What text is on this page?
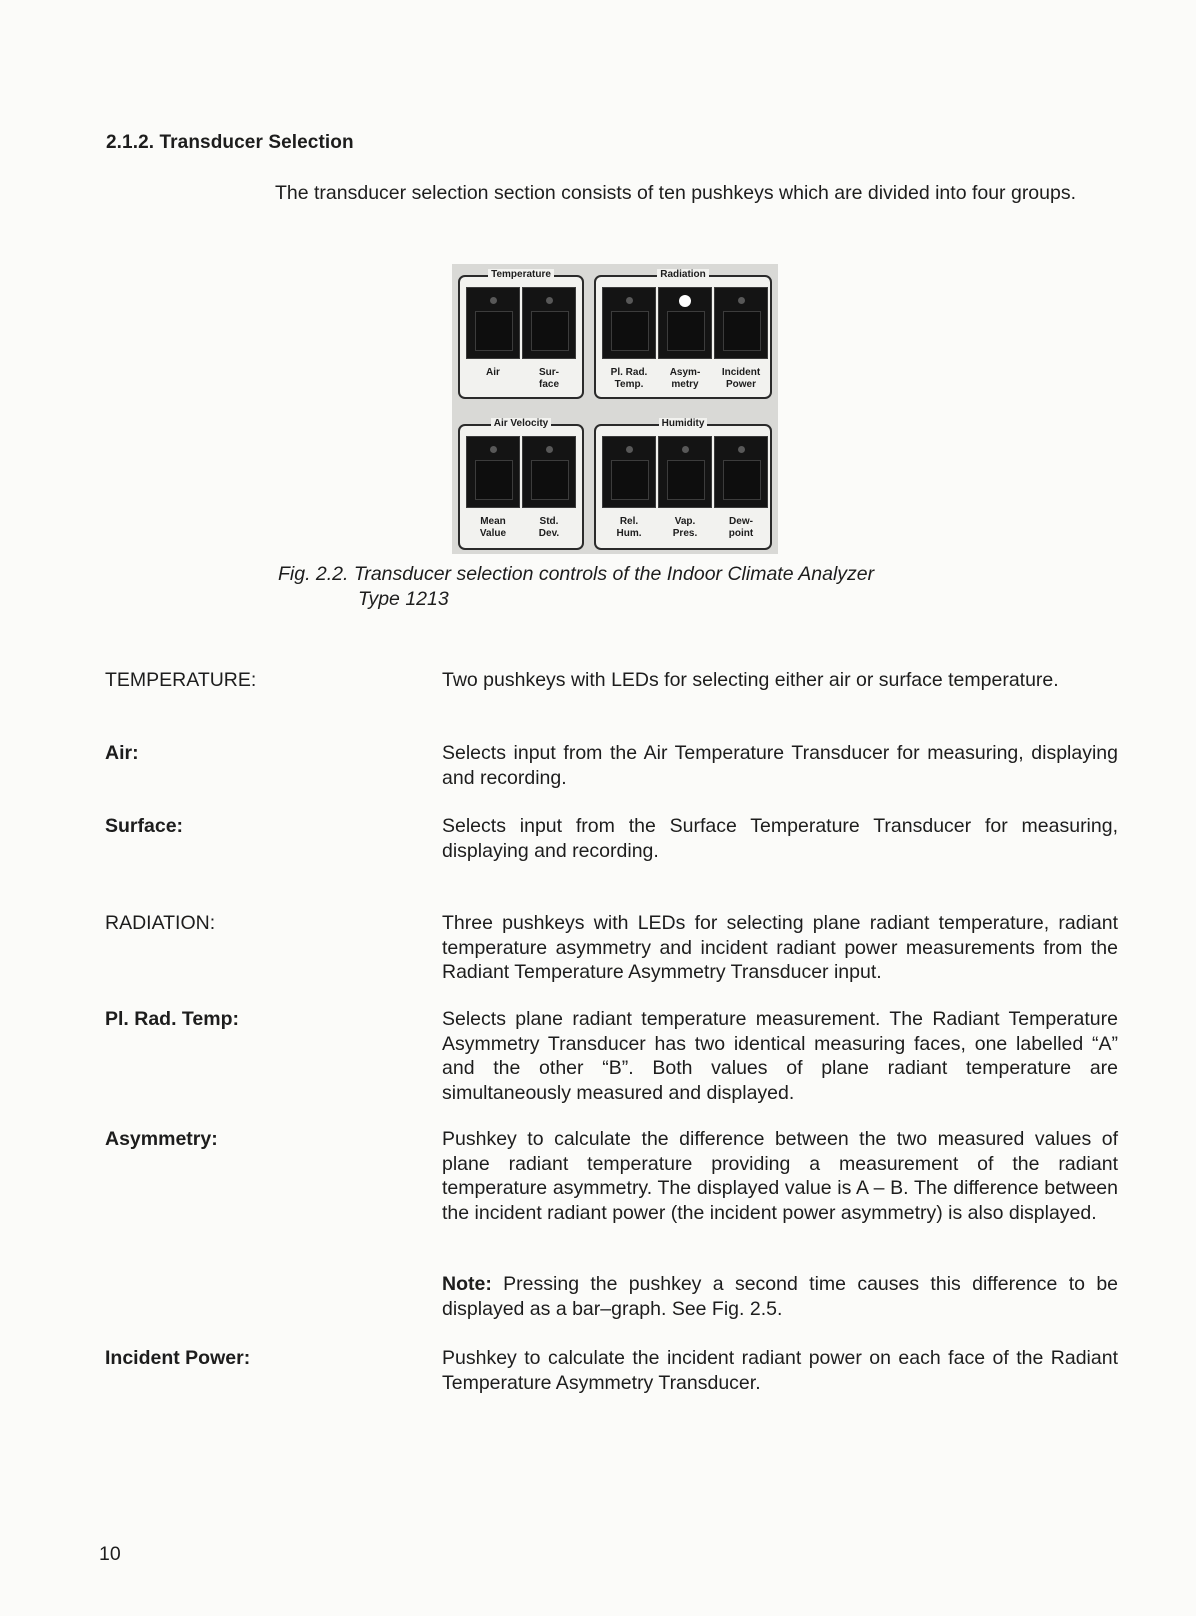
2.1.2. Transducer Selection
The transducer selection section consists of ten pushkeys which are divided into four groups.
Temperature
Air	Sur-
face
Radiation
Pl. Rad.
Temp.
Asym-
metry
Incident
Power
Air Velocity
Mean
Value
Std.
Dev.
Humidity
Rel.
Hum.
Vap.
Pres.
Dew-
point
Fig. 2.2. Transducer selection controls of the Indoor Climate Analyzer
Type 1213
TEMPERATURE:	Two pushkeys with LEDs for selecting either air or surface temperature.
Air:	Selects input from the Air Temperature Transducer for measuring, displaying and recording.
Surface:	Selects input from the Surface Temperature Transducer for measuring, displaying and recording.
RADIATION:	Three pushkeys with LEDs for selecting plane radiant temperature, radiant temperature asymmetry and incident radiant power measurements from the Radiant Temperature Asymmetry Transducer input.
Pl. Rad. Temp:	Selects plane radiant temperature measurement. The Radiant Temperature Asymmetry Transducer has two identical measuring faces, one labelled “A” and the other “B”. Both values of plane radiant temperature are simultaneously measured and displayed.
Asymmetry:	Pushkey to calculate the difference between the two measured values of plane radiant temperature providing a measurement of the radiant temperature asymmetry. The displayed value is A – B. The difference between the incident radiant power (the incident power asymmetry) is also displayed.
Note: Pressing the pushkey a second time causes this difference to be displayed as a bar–graph. See Fig. 2.5.
Incident Power:	Pushkey to calculate the incident radiant power on each face of the Radiant Temperature Asymmetry Transducer.
10
